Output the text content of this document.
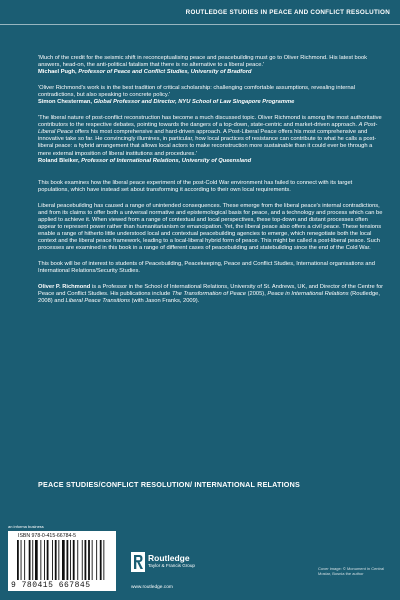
ROUTLEDGE STUDIES IN PEACE AND CONFLICT RESOLUTION

'Much of the credit for the seismic shift in reconceptualising peace and peacebuilding must go to Oliver Richmond. His latest book answers, head-on, the anti-political fatalism that there is no alternative to a liberal peace.'
Michael Pugh, Professor of Peace and Conflict Studies, University of Bradford

'Oliver Richmond's work is in the best tradition of critical scholarship: challenging comfortable assumptions, revealing internal contradictions, but also speaking to concrete policy.'
Simon Chesterman, Global Professor and Director, NYU School of Law Singapore Programme

'The liberal nature of post-conflict reconstruction has become a much discussed topic. Oliver Richmond is among the most authoritative contributors to the respective debates, pointing towards the dangers of a top-down, state-centric and market-driven approach. A Post-Liberal Peace offers his most comprehensive and hard-driven approach. A Post-Liberal Peace offers his most comprehensive and innovative take so far. He convincingly illumines, in particular, how local practices of resistance can contribute to what he calls a post-liberal peace: a hybrid arrangement that allows local actors to make reconstruction more sustainable than it could ever be through a mere external imposition of liberal institutions and procedures.'
Roland Bleiker, Professor of International Relations, University of Queensland

This book examines how the liberal peace experiment of the post-Cold War environment has failed to connect with its target populations, which have instead set about transforming it according to their own local requirements.

Liberal peacebuilding has caused a range of unintended consequences. These emerge from the liberal peace's internal contradictions, and from its claims to offer both a universal normative and epistemological basis for peace, and a technology and process which can be applied to achieve it. When viewed from a range of contextual and local perspectives, these top-down and distant processes often appear to represent power rather than humanitarianism or emancipation. Yet, the liberal peace also offers a civil peace. These tensions enable a range of hitherto little understood local and contextual peacebuilding agencies to emerge, which renegotiate both the local context and the liberal peace framework, leading to a local-liberal hybrid form of peace. This might be called a post-liberal peace. Such processes are examined in this book in a range of different cases of peacebuilding and statebuilding since the end of the Cold War.

This book will be of interest to students of Peacebuilding, Peacekeeping, Peace and Conflict Studies, International organisations and International Relations/Security Studies.

Oliver P. Richmond is a Professor in the School of International Relations, University of St. Andrews, UK, and Director of the Centre for Peace and Conflict Studies. His publications include The Transformation of Peace (2005), Peace in International Relations (Routledge, 2008) and Liberal Peace Transitions (with Jason Franks, 2009).

PEACE STUDIES/CONFLICT RESOLUTION/ INTERNATIONAL RELATIONS
an informa business
ISBN 978-0-415-66784-5
9 780415 667845
Routledge
Taylor & Francis Group
www.routledge.com
Cover image: © Monument in Central Mostar, Bosnia the author
